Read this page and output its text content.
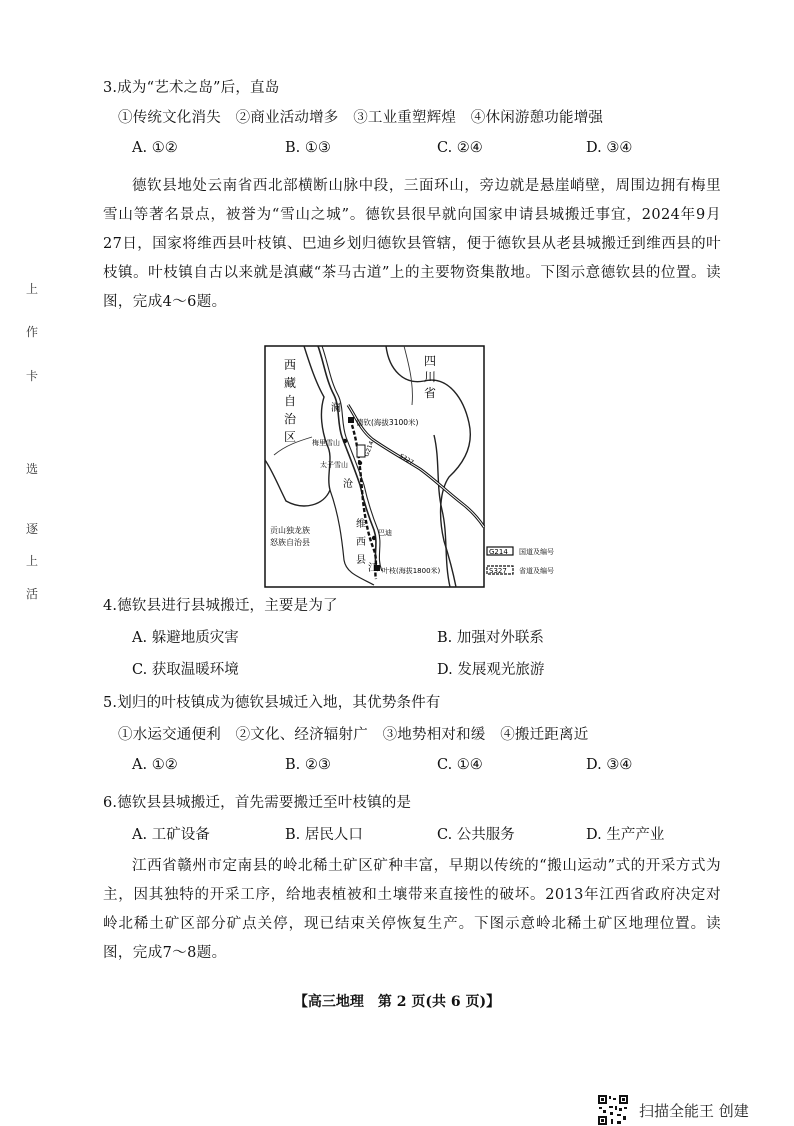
上
作
卡
选
逐
上
活
3.成为“艺术之岛”后，直岛
①传统文化消失　②商业活动增多　③工业重塑辉煌　④休闲游憩功能增强
A. ①②	B. ①③	C. ②④	D. ③④
德钦县地处云南省西北部横断山脉中段，三面环山，旁边就是悬崖峭壁，周围边拥有梅里雪山等著名景点，被誉为“雪山之城”。德钦县很早就向国家申请县城搬迁事宜，2024年9月27日，国家将维西县叶枝镇、巴迪乡划归德钦县管辖，便于德钦县从老县城搬迁到维西县的叶枝镇。叶枝镇自古以来就是滇藏“茶马古道”上的主要物资集散地。下图示意德钦县的位置。读图，完成4～6题。
西
藏
自
治
区
四
川
省
澜
沧
江
维
西
县
德钦(海拔3100米)
梅里雪山
太子雪山
贡山独龙族
怒族自治县
巴迪
叶枝(海拔1800米)
G214
S327
G214 国道及编号
S327 省道及编号
4.德钦县进行县城搬迁，主要是为了
A. 躲避地质灾害	B. 加强对外联系
C. 获取温暖环境	D. 发展观光旅游
5.划归的叶枝镇成为德钦县城迁入地，其优势条件有
①水运交通便利　②文化、经济辐射广　③地势相对和缓　④搬迁距离近
A. ①②	B. ②③	C. ①④	D. ③④
6.德钦县县城搬迁，首先需要搬迁至叶枝镇的是
A. 工矿设备	B. 居民人口	C. 公共服务	D. 生产产业
江西省赣州市定南县的岭北稀土矿区矿种丰富，早期以传统的“搬山运动”式的开采方式为主，因其独特的开采工序，给地表植被和土壤带来直接性的破坏。2013年江西省政府决定对岭北稀土矿区部分矿点关停，现已结束关停恢复生产。下图示意岭北稀土矿区地理位置。读图，完成7～8题。
【高三地理　第 2 页(共 6 页)】
扫描全能王 创建
